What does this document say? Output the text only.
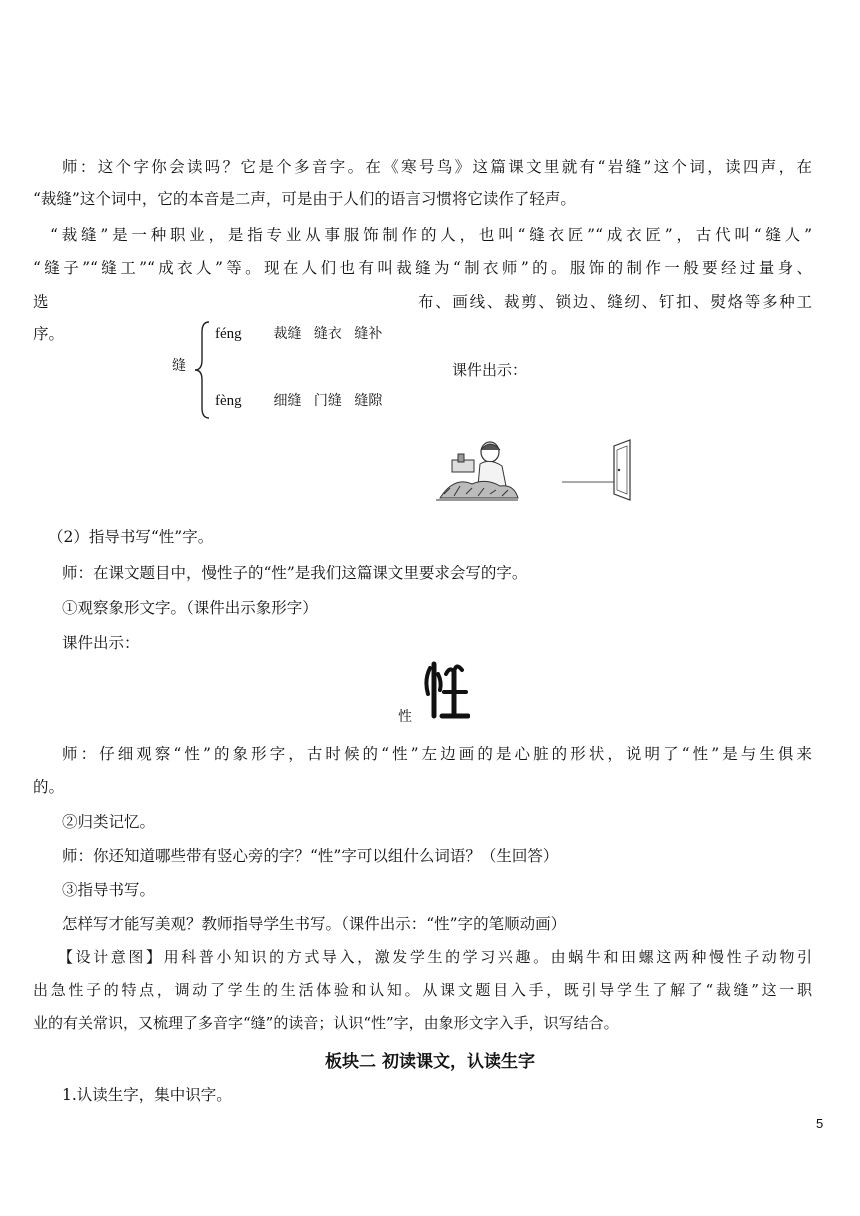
师：这个字你会读吗？它是个多音字。在《寒号鸟》这篇课文里就有“岩缝”这个词，读四声，在
“裁缝”这个词中，它的本音是二声，可是由于人们的语言习惯将它读作了轻声。
“裁缝”是一种职业，是指专业从事服饰制作的人，也叫“缝衣匠”“成衣匠”，古代叫“缝人”
“缝子”“缝工”“成衣人”等。现在人们也有叫裁缝为“制衣师”的。服饰的制作一般要经过量身、
选	布、画线、裁剪、锁边、缝纫、钉扣、熨烙等多种工
序。
缝
féng 裁缝 缝衣 缝补
fèng 细缝 门缝 缝隙
课件出示：
（2）指导书写“性”字。
师：在课文题目中，慢性子的“性”是我们这篇课文里要求会写的字。
①观察象形文字。（课件出示象形字）
课件出示：
性
师：仔细观察“性”的象形字，古时候的“性”左边画的是心脏的形状，说明了“性”是与生俱来
的。
②归类记忆。
师：你还知道哪些带有竖心旁的字？“性”字可以组什么词语？（生回答）
③指导书写。
怎样写才能写美观？教师指导学生书写。（课件出示：“性”字的笔顺动画）
【设计意图】用科普小知识的方式导入，激发学生的学习兴趣。由蜗牛和田螺这两种慢性子动物引
出急性子的特点，调动了学生的生活体验和认知。从课文题目入手，既引导学生了解了“裁缝”这一职
业的有关常识，又梳理了多音字“缝”的读音；认识“性”字，由象形文字入手，识写结合。
板块二 初读课文，认读生字
1.认读生字，集中识字。
5
